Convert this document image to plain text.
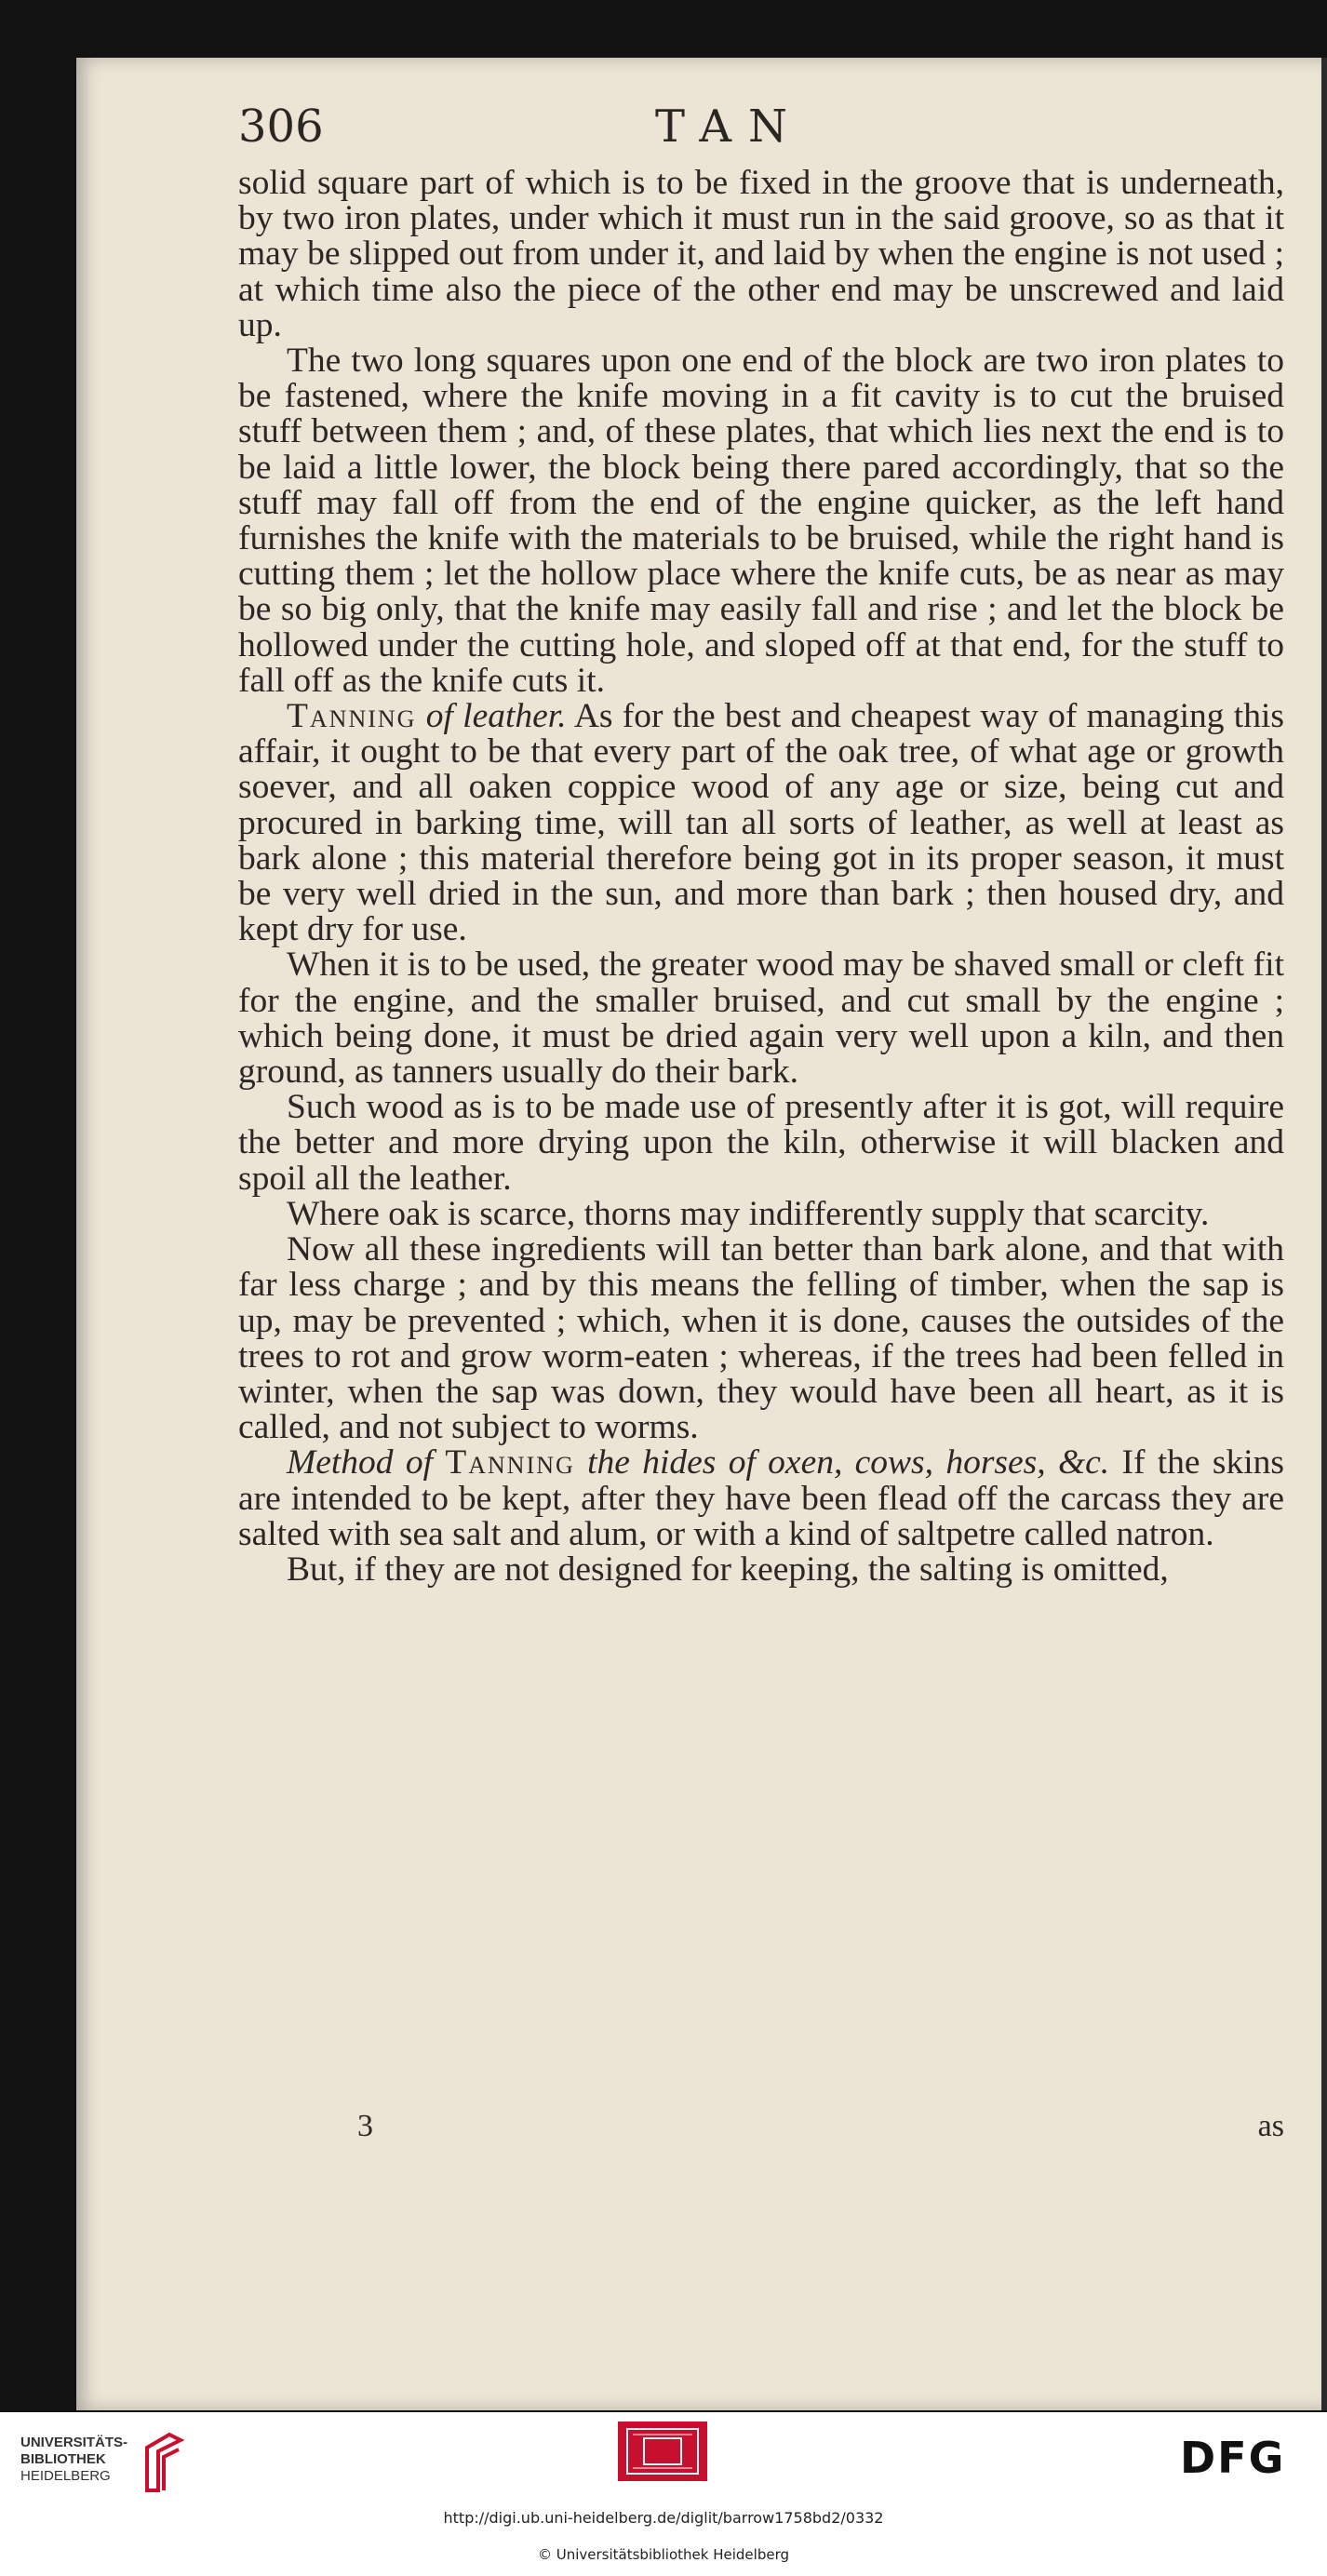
306	TAN

solid square part of which is to be fixed in the groove that is underneath, by two iron plates, under which it must run in the said groove, so as that it may be slipped out from under it, and laid by when the engine is not used ; at which time also the piece of the other end may be unscrewed and laid up.

The two long squares upon one end of the block are two iron plates to be fastened, where the knife moving in a fit cavity is to cut the bruised stuff between them ; and, of these plates, that which lies next the end is to be laid a little lower, the block being there pared accordingly, that so the stuff may fall off from the end of the engine quicker, as the left hand furnishes the knife with the materials to be bruised, while the right hand is cutting them ; let the hollow place where the knife cuts, be as near as may be so big only, that the knife may easily fall and rise ; and let the block be hollowed under the cutting hole, and sloped off at that end, for the stuff to fall off as the knife cuts it.

Tanning of leather. As for the best and cheapest way of managing this affair, it ought to be that every part of the oak tree, of what age or growth soever, and all oaken coppice wood of any age or size, being cut and procured in barking time, will tan all sorts of leather, as well at least as bark alone ; this material therefore being got in its proper season, it must be very well dried in the sun, and more than bark ; then housed dry, and kept dry for use.

When it is to be used, the greater wood may be shaved small or cleft fit for the engine, and the smaller bruised, and cut small by the engine ; which being done, it must be dried again very well upon a kiln, and then ground, as tanners usually do their bark.

Such wood as is to be made use of presently after it is got, will require the better and more drying upon the kiln, otherwise it will blacken and spoil all the leather.

Where oak is scarce, thorns may indifferently supply that scarcity.

Now all these ingredients will tan better than bark alone, and that with far less charge ; and by this means the felling of timber, when the sap is up, may be prevented ; which, when it is done, causes the outsides of the trees to rot and grow worm-eaten ; whereas, if the trees had been felled in winter, when the sap was down, they would have been all heart, as it is called, and not subject to worms.

Method of Tanning the hides of oxen, cows, horses, &c. If the skins are intended to be kept, after they have been flead off the carcass they are salted with sea salt and alum, or with a kind of saltpetre called natron.

But, if they are not designed for keeping, the salting is omitted,

3	as
UNIVERSITÄTS-
BIBLIOTHEK
HEIDELBERG	DFG
http://digi.ub.uni-heidelberg.de/diglit/barrow1758bd2/0332
© Universitätsbibliothek Heidelberg
